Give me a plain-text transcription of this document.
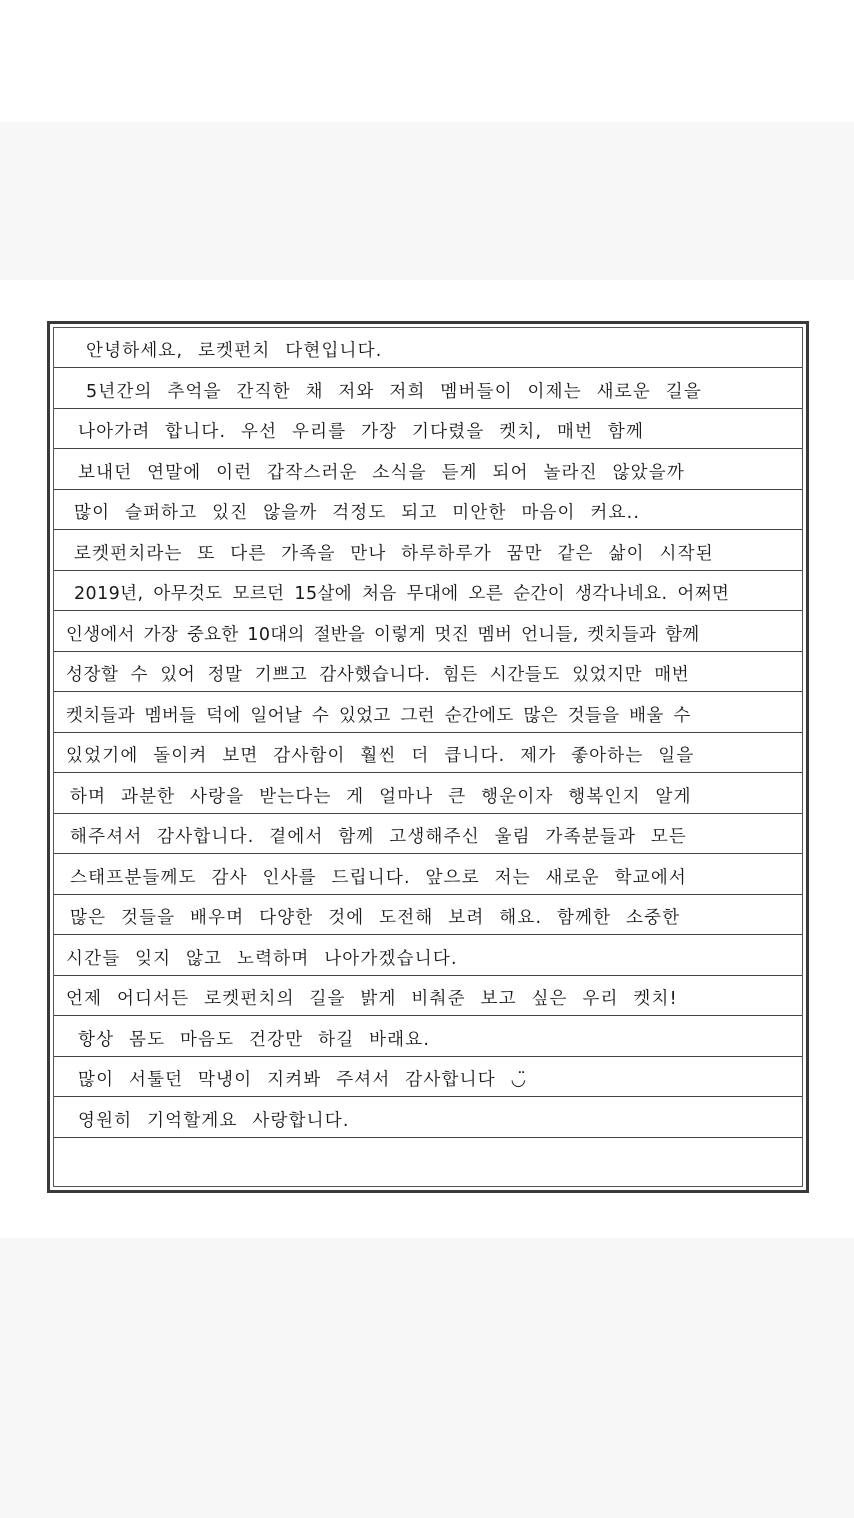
안녕하세요, 로켓펀치 다현입니다.
5년간의 추억을 간직한 채 저와 저희 멤버들이 이제는 새로운 길을
나아가려 합니다. 우선 우리를 가장 기다렸을 켓치, 매번 함께
보내던 연말에 이런 갑작스러운 소식을 듣게 되어 놀라진 않았을까
많이 슬퍼하고 있진 않을까 걱정도 되고 미안한 마음이 커요..
로켓펀치라는 또 다른 가족을 만나 하루하루가 꿈만 같은 삶이 시작된
2019년, 아무것도 모르던 15살에 처음 무대에 오른 순간이 생각나네요. 어쩌면
인생에서 가장 중요한 10대의 절반을 이렇게 멋진 멤버 언니들, 켓치들과 함께
성장할 수 있어 정말 기쁘고 감사했습니다. 힘든 시간들도 있었지만 매번
켓치들과 멤버들 덕에 일어날 수 있었고 그런 순간에도 많은 것들을 배울 수
있었기에 돌이켜 보면 감사함이 훨씬 더 큽니다. 제가 좋아하는 일을
하며 과분한 사랑을 받는다는 게 얼마나 큰 행운이자 행복인지 알게
해주셔서 감사합니다. 곁에서 함께 고생해주신 울림 가족분들과 모든
스태프분들께도 감사 인사를 드립니다. 앞으로 저는 새로운 학교에서
많은 것들을 배우며 다양한 것에 도전해 보려 해요. 함께한 소중한
시간들 잊지 않고 노력하며 나아가겠습니다.
언제 어디서든 로켓펀치의 길을 밝게 비춰준 보고 싶은 우리 켓치!
항상 몸도 마음도 건강만 하길 바래요.
많이 서툴던 막냉이 지켜봐 주셔서 감사합니다 ◡̈
영원히 기억할게요 사랑합니다.
